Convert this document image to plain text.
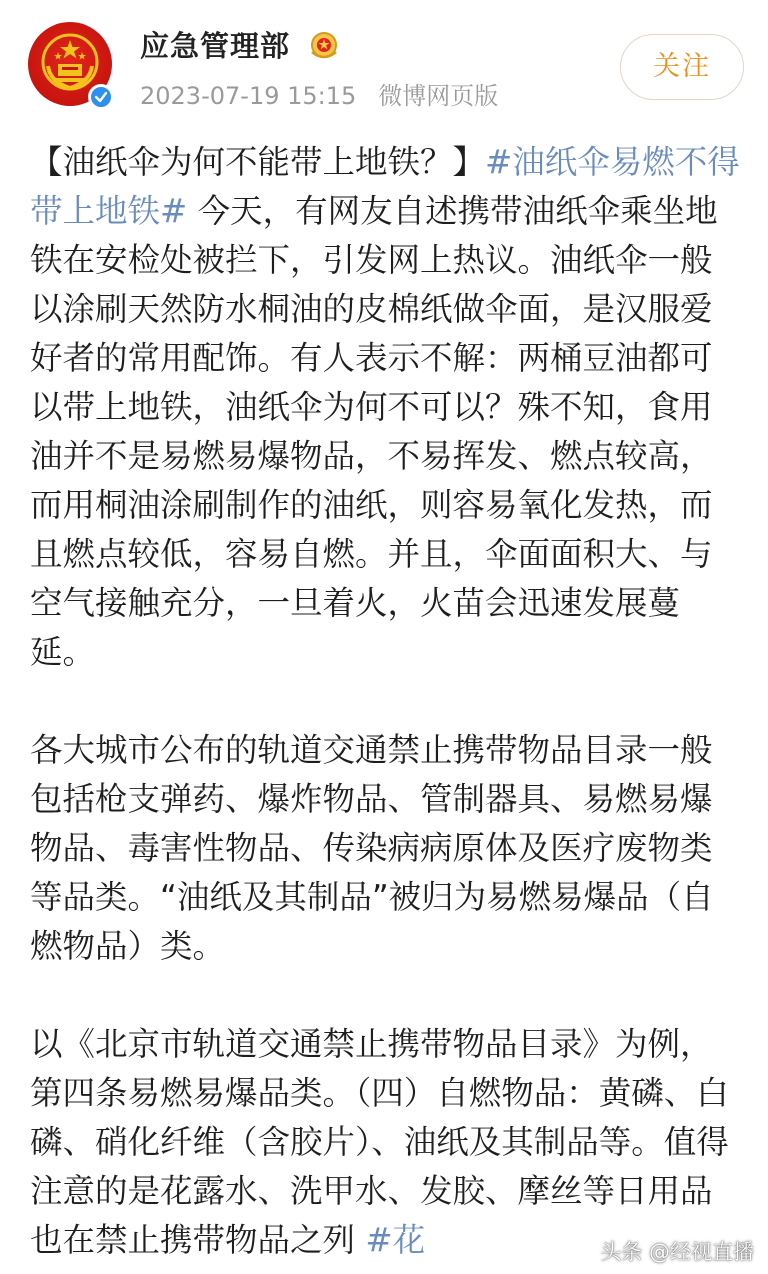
应急管理部
2023-07-19 15:15 微博网页版
关注

【油纸伞为何不能带上地铁？】#油纸伞易燃不得带上地铁# 今天，有网友自述携带油纸伞乘坐地铁在安检处被拦下，引发网上热议。油纸伞一般以涂刷天然防水桐油的皮棉纸做伞面，是汉服爱好者的常用配饰。有人表示不解：两桶豆油都可以带上地铁，油纸伞为何不可以？殊不知，食用油并不是易燃易爆物品，不易挥发、燃点较高，而用桐油涂刷制作的油纸，则容易氧化发热，而且燃点较低，容易自燃。并且，伞面面积大、与空气接触充分，一旦着火，火苗会迅速发展蔓延。

各大城市公布的轨道交通禁止携带物品目录一般包括枪支弹药、爆炸物品、管制器具、易燃易爆物品、毒害性物品、传染病病原体及医疗废物类等品类。“油纸及其制品”被归为易燃易爆品（自燃物品）类。

以《北京市轨道交通禁止携带物品目录》为例，第四条易燃易爆品类。（四）自燃物品：黄磷、白磷、硝化纤维（含胶片）、油纸及其制品等。值得注意的是花露水、洗甲水、发胶、摩丝等日用品也在禁止携带物品之列 #花	头条 @经视直播
